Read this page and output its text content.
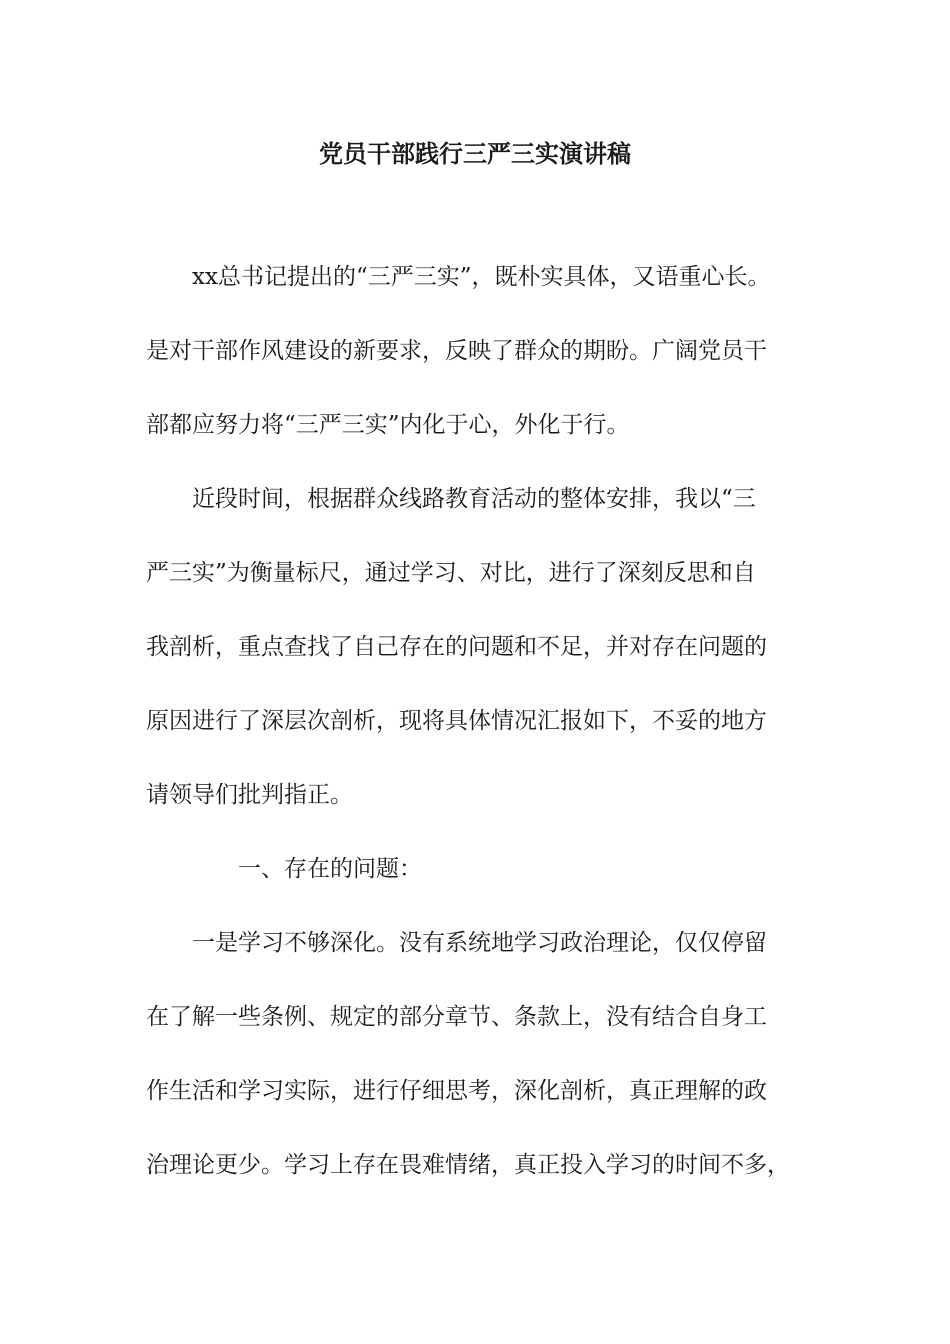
党员干部践行三严三实演讲稿
xx总书记提出的“三严三实”，既朴实具体，又语重心长。
是对干部作风建设的新要求，反映了群众的期盼。广阔党员干
部都应努力将“三严三实”内化于心，外化于行。
近段时间，根据群众线路教育活动的整体安排，我以“三
严三实”为衡量标尺，通过学习、对比，进行了深刻反思和自
我剖析，重点查找了自己存在的问题和不足，并对存在问题的
原因进行了深层次剖析，现将具体情况汇报如下，不妥的地方
请领导们批判指正。
一、存在的问题：
一是学习不够深化。没有系统地学习政治理论，仅仅停留
在了解一些条例、规定的部分章节、条款上，没有结合自身工
作生活和学习实际，进行仔细思考，深化剖析，真正理解的政
治理论更少。学习上存在畏难情绪，真正投入学习的时间不多，
